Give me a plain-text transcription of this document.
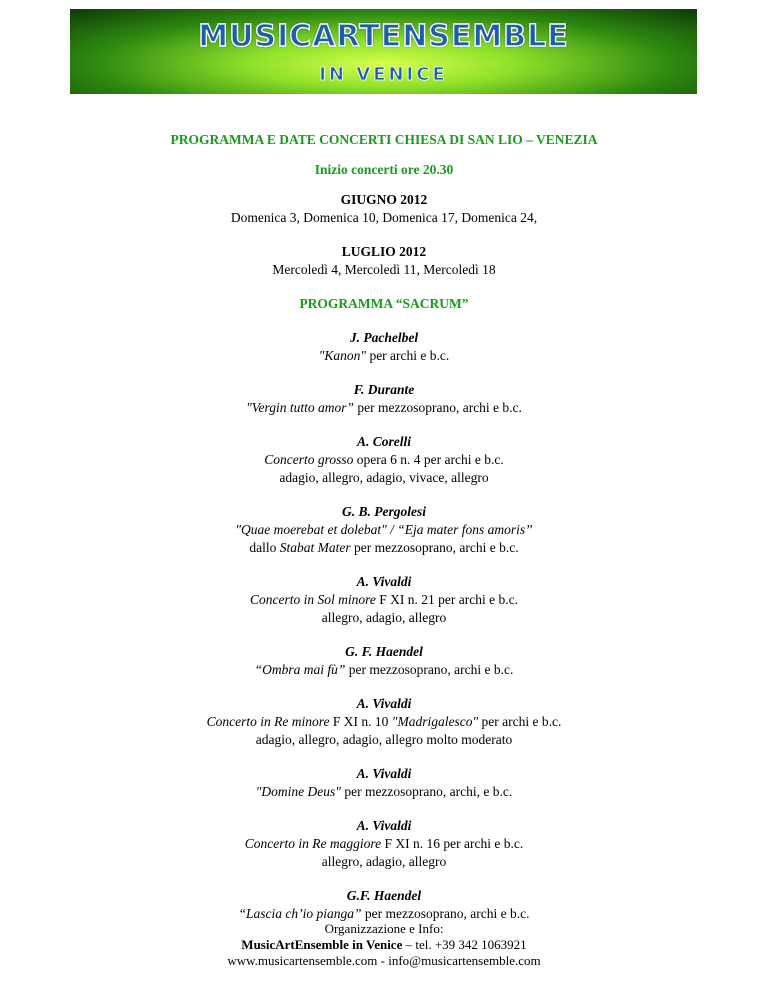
MUSICARTENSEMBLE
IN VENICE

PROGRAMMA E DATE CONCERTI CHIESA DI SAN LIO – VENEZIA

Inizio concerti ore 20.30

GIUGNO 2012

Domenica 3, Domenica 10, Domenica 17, Domenica 24,

LUGLIO 2012

Mercoledì 4, Mercoledì 11, Mercoledì 18

PROGRAMMA “SACRUM”

J. Pachelbel

"Kanon" per archi e b.c.

F. Durante

"Vergin tutto amor” per mezzosoprano, archi e b.c.

A. Corelli

Concerto grosso opera 6 n. 4 per archi e b.c.

adagio, allegro, adagio, vivace, allegro

G. B. Pergolesi

"Quae moerebat et dolebat" / “Eja mater fons amoris”

dallo Stabat Mater per mezzosoprano, archi e b.c.

A. Vivaldi

Concerto in Sol minore F XI n. 21 per archi e b.c.

allegro, adagio, allegro

G. F. Haendel

“Ombra mai fù” per mezzosoprano, archi e b.c.

A. Vivaldi

Concerto in Re minore F XI n. 10 "Madrigalesco" per archi e b.c.

adagio, allegro, adagio, allegro molto moderato

A. Vivaldi

"Domine Deus" per mezzosoprano, archi, e b.c.

A. Vivaldi

Concerto in Re maggiore F XI n. 16 per archi e b.c.

allegro, adagio, allegro

G.F. Haendel

“Lascia ch’io pianga” per mezzosoprano, archi e b.c.

Organizzazione e Info:

MusicArtEnsemble in Venice – tel. +39 342 1063921

www.musicartensemble.com - info@musicartensemble.com
